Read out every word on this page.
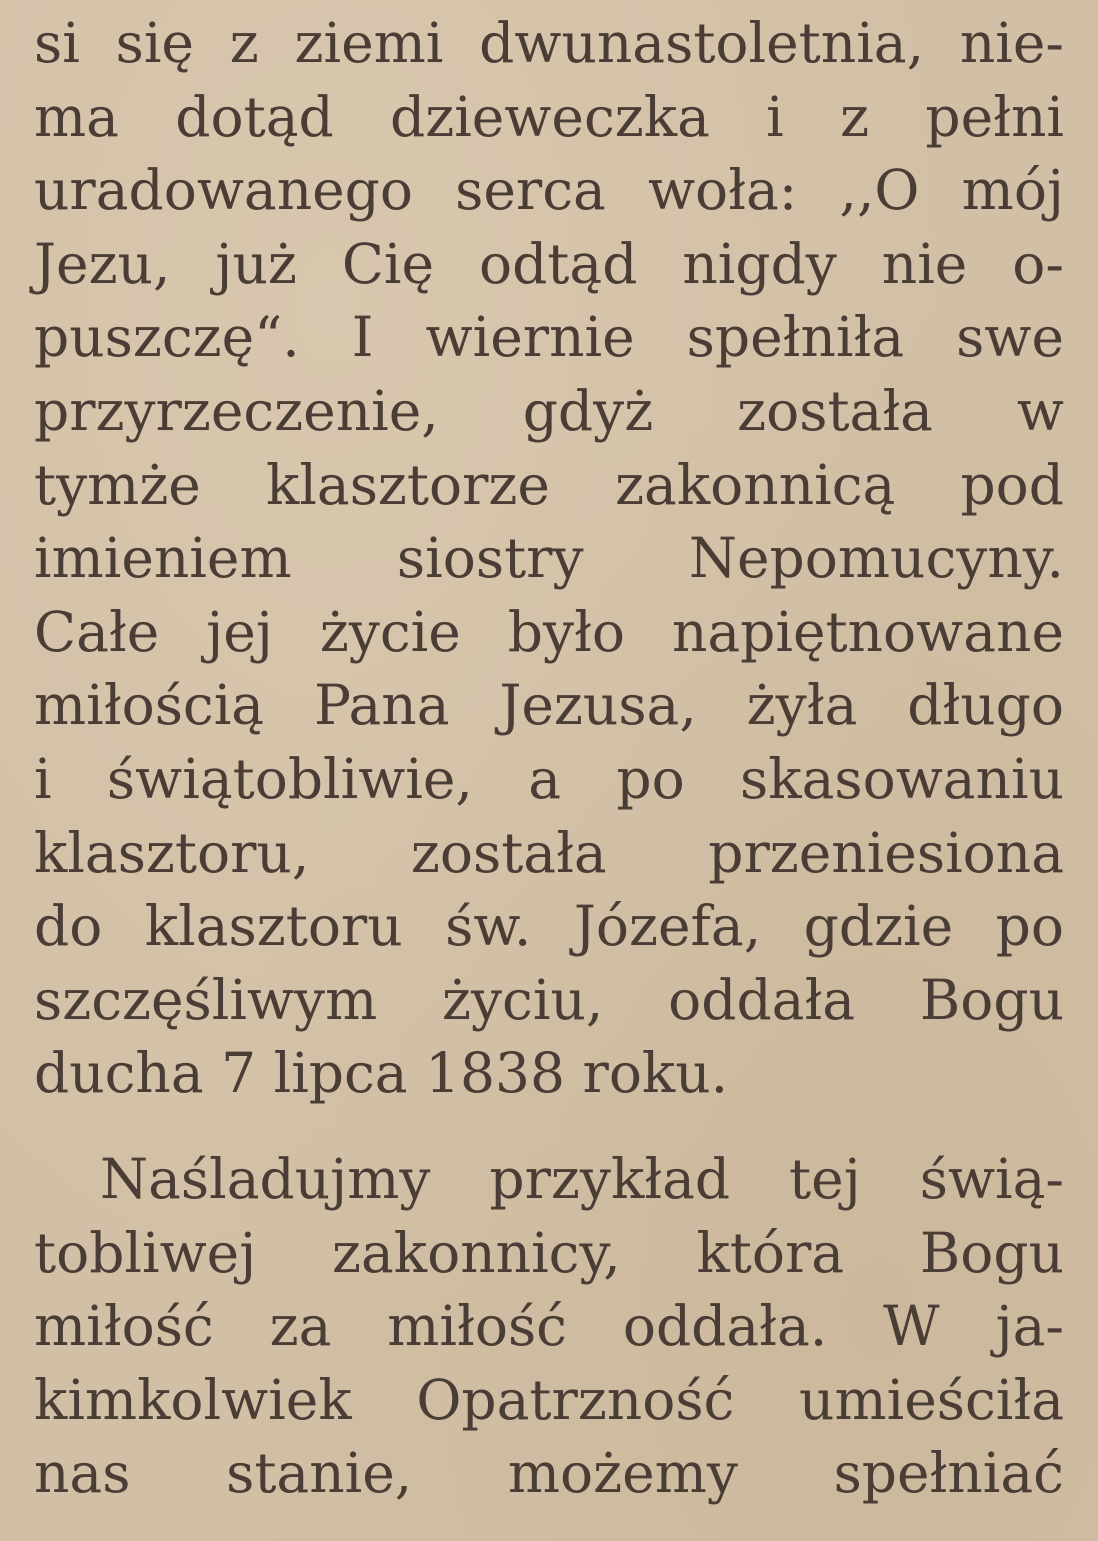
si się z ziemi dwunastoletnia, nie-
ma dotąd dzieweczka i z pełni
uradowanego serca woła: ,,O mój
Jezu, już Cię odtąd nigdy nie o-
puszczę“. I wiernie spełniła swe
przyrzeczenie, gdyż została w
tymże klasztorze zakonnicą pod
imieniem siostry Nepomucyny.
Całe jej życie było napiętnowane
miłością Pana Jezusa, żyła długo
i świątobliwie, a po skasowaniu
klasztoru, została przeniesiona
do klasztoru św. Józefa, gdzie po
szczęśliwym życiu, oddała Bogu
ducha 7 lipca 1838 roku.
Naśladujmy przykład tej świą-
tobliwej zakonnicy, która Bogu
miłość za miłość oddała. W ja-
kimkolwiek Opatrzność umieściła
nas stanie, możemy spełniać
